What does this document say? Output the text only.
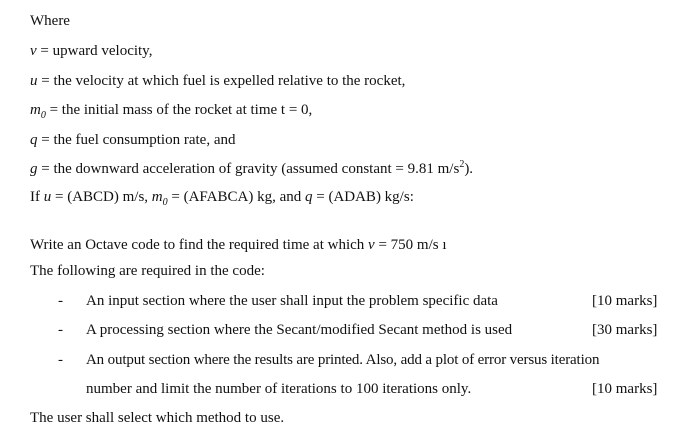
Where
v = upward velocity,
u = the velocity at which fuel is expelled relative to the rocket,
$m_0$ = the initial mass of the rocket at time t = 0,
q = the fuel consumption rate, and
g = the downward acceleration of gravity (assumed constant = 9.81 $m/s^2$).
If u = (ABCD) m/s, $m_0$ = (AFABCA) kg, and q = (ADAB) kg/s:
Write an Octave code to find the required time at which v = 750 m/s ı
The following are required in the code:
- An input section where the user shall input the problem specific data	[10 marks]
- A processing section where the Secant/modified Secant method is used	[30 marks]
- An output section where the results are printed. Also, add a plot of error versus iteration
number and limit the number of iterations to 100 iterations only.	[10 marks]
The user shall select which method to use.
